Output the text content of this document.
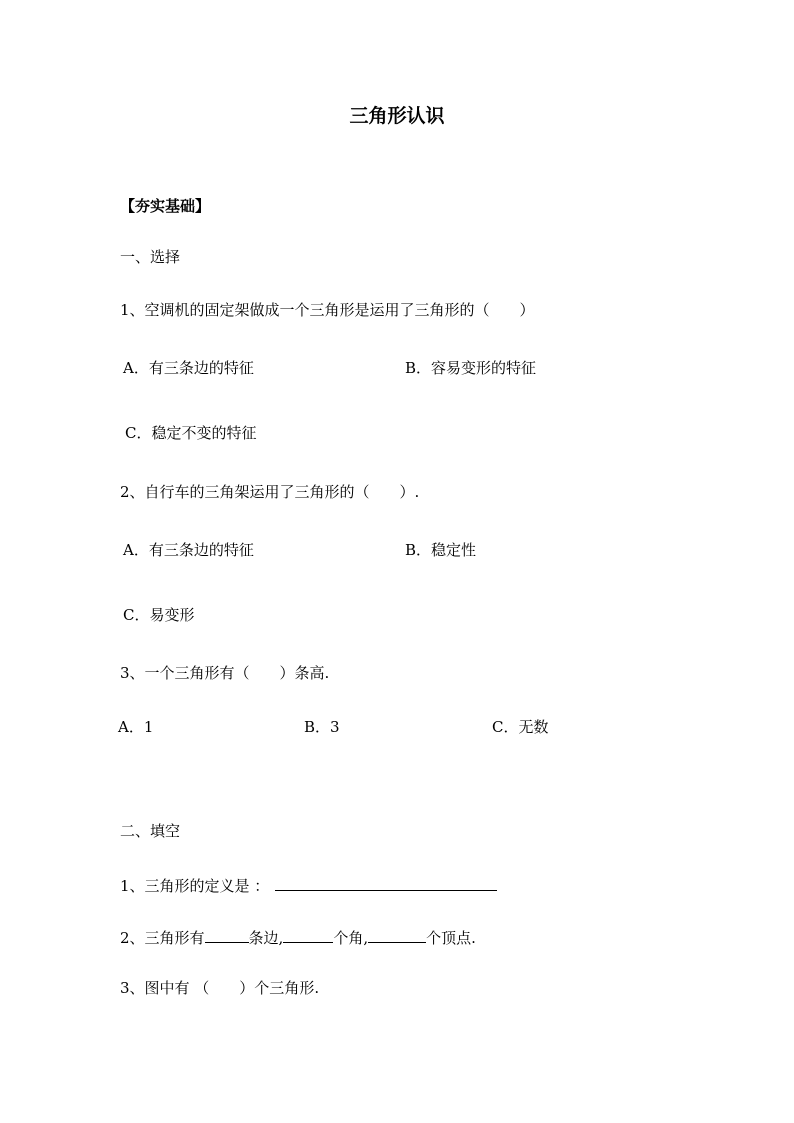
三角形认识
【夯实基础】
一、选择
1、空调机的固定架做成一个三角形是运用了三角形的（　　）
A．有三条边的特征	B．容易变形的特征
C．稳定不变的特征
2、自行车的三角架运用了三角形的（　　）.
A．有三条边的特征	B．稳定性
C．易变形
3、一个三角形有（　　）条高.
A．1	B．3	C．无数
二、填空
1、三角形的定义是 ：
2、三角形有	条边,	个角,	个顶点.
3、图中有 （　　）个三角形.
